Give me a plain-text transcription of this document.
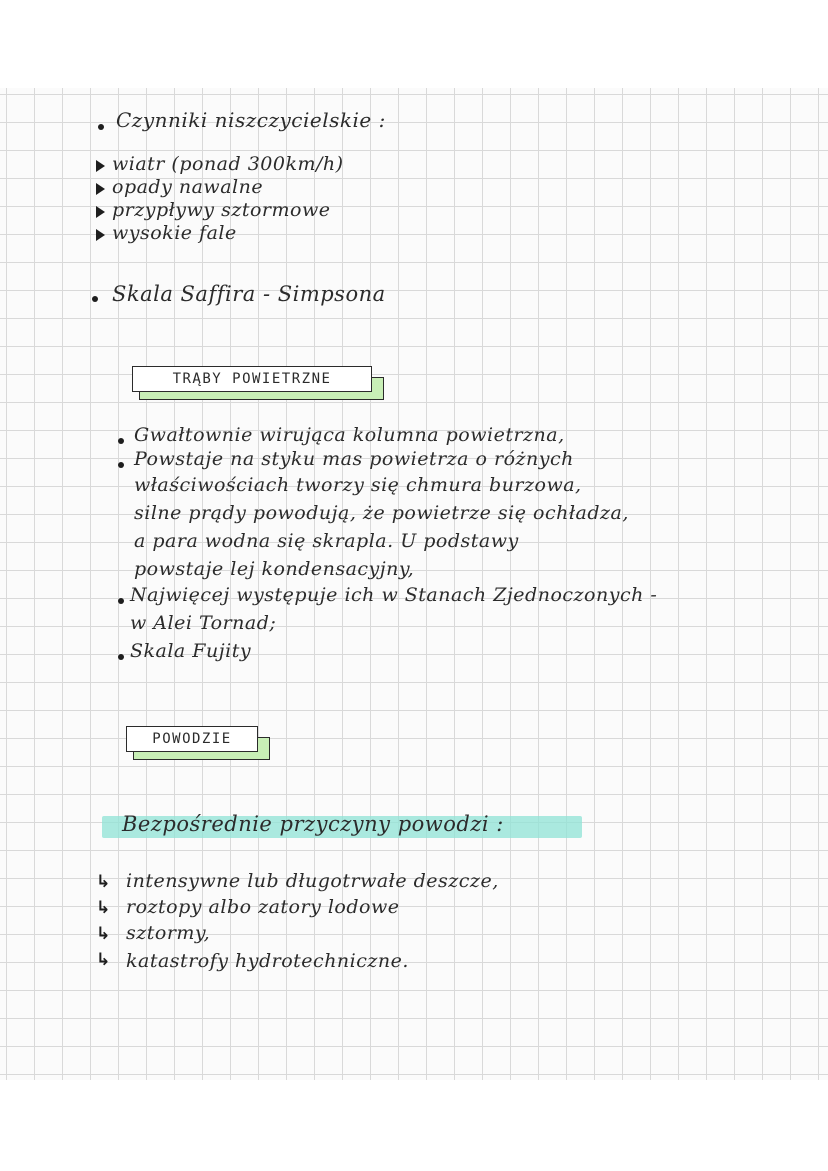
Czynniki niszczycielskie :

wiatr (ponad 300km/h)

opady nawalne

przypływy sztormowe

wysokie fale

Skala Saffira - Simpsona

TRĄBY POWIETRZNE

Gwałtownie wirująca kolumna powietrzna,

Powstaje na styku mas powietrza o różnych

właściwościach tworzy się chmura burzowa,

silne prądy powodują, że powietrze się ochładza,

a para wodna się skrapla. U podstawy

powstaje lej kondensacyjny,

Najwięcej występuje ich w Stanach Zjednoczonych -

w Alei Tornad;

Skala Fujity

POWODZIE

Bezpośrednie przyczyny powodzi :

↳ intensywne lub długotrwałe deszcze,

↳ roztopy albo zatory lodowe

↳ sztormy,

↳ katastrofy hydrotechniczne.
